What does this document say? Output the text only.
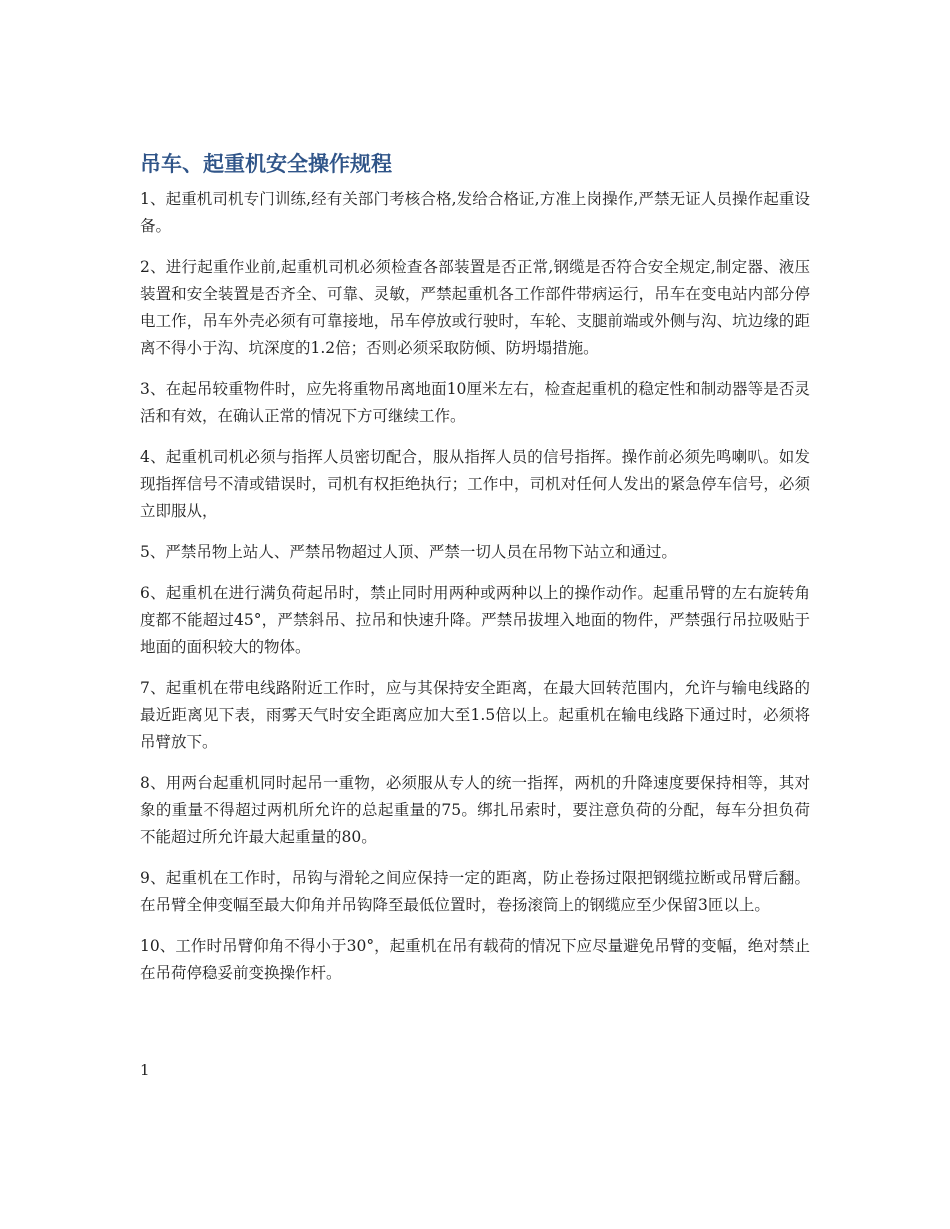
吊车、起重机安全操作规程

1、起重机司机专门训练,经有关部门考核合格,发给合格证,方准上岗操作,严禁无证人员操作起重设备。

2、进行起重作业前,起重机司机必须检查各部装置是否正常,钢缆是否符合安全规定,制定器、液压装置和安全装置是否齐全、可靠、灵敏，严禁起重机各工作部件带病运行，吊车在变电站内部分停电工作，吊车外壳必须有可靠接地，吊车停放或行驶时，车轮、支腿前端或外侧与沟、坑边缘的距离不得小于沟、坑深度的1.2倍；否则必须采取防倾、防坍塌措施。

3、在起吊较重物件时，应先将重物吊离地面10厘米左右，检查起重机的稳定性和制动器等是否灵活和有效，在确认正常的情况下方可继续工作。

4、起重机司机必须与指挥人员密切配合，服从指挥人员的信号指挥。操作前必须先鸣喇叭。如发现指挥信号不清或错误时，司机有权拒绝执行；工作中，司机对任何人发出的紧急停车信号，必须立即服从，

5、严禁吊物上站人、严禁吊物超过人顶、严禁一切人员在吊物下站立和通过。

6、起重机在进行满负荷起吊时，禁止同时用两种或两种以上的操作动作。起重吊臂的左右旋转角度都不能超过45°，严禁斜吊、拉吊和快速升降。严禁吊拔埋入地面的物件，严禁强行吊拉吸贴于地面的面积较大的物体。

7、起重机在带电线路附近工作时，应与其保持安全距离，在最大回转范围内，允许与输电线路的最近距离见下表，雨雾天气时安全距离应加大至1.5倍以上。起重机在输电线路下通过时，必须将吊臂放下。

8、用两台起重机同时起吊一重物，必须服从专人的统一指挥，两机的升降速度要保持相等，其对象的重量不得超过两机所允许的总起重量的75。绑扎吊索时，要注意负荷的分配，每车分担负荷不能超过所允许最大起重量的80。

9、起重机在工作时，吊钩与滑轮之间应保持一定的距离，防止卷扬过限把钢缆拉断或吊臂后翻。在吊臂全伸变幅至最大仰角并吊钩降至最低位置时，卷扬滚筒上的钢缆应至少保留3匝以上。

10、工作时吊臂仰角不得小于30°，起重机在吊有载荷的情况下应尽量避免吊臂的变幅，绝对禁止在吊荷停稳妥前变换操作杆。

1
